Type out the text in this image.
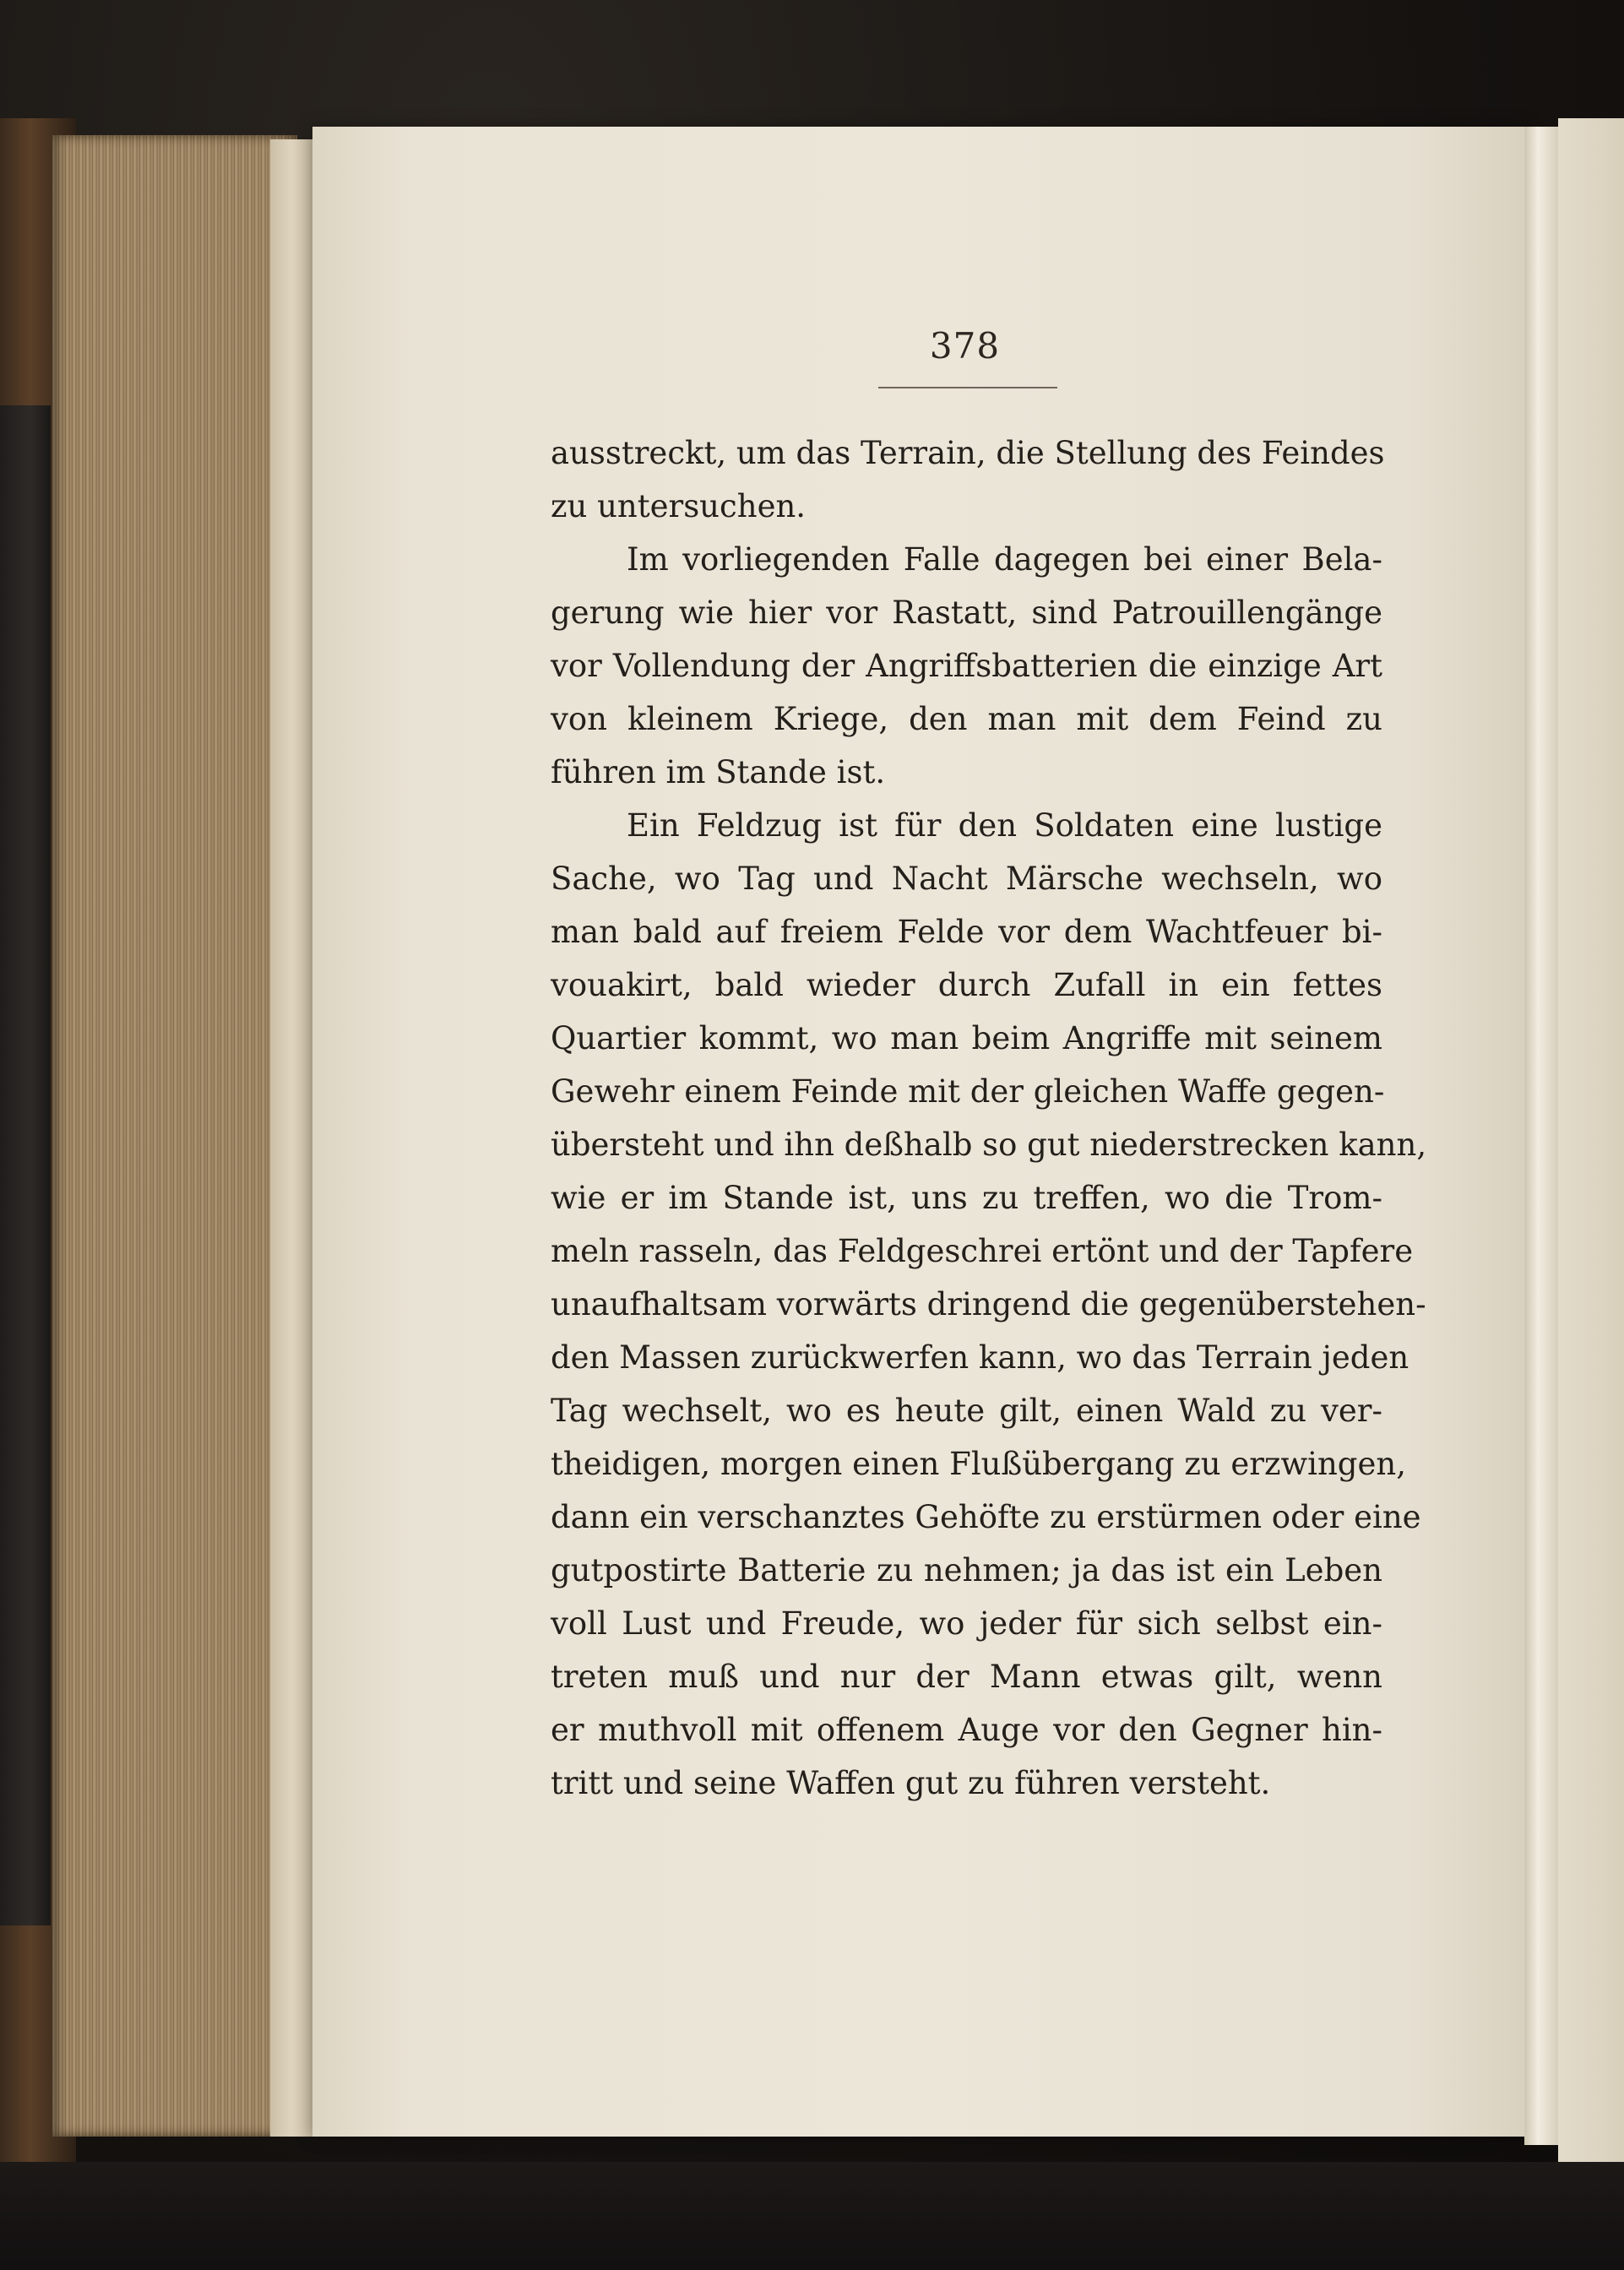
378
ausstreckt, um das Terrain, die Stellung des Feindes
zu untersuchen.
Im vorliegenden Falle dagegen bei einer Bela-
gerung wie hier vor Rastatt, sind Patrouillengänge
vor Vollendung der Angriffsbatterien die einzige Art
von kleinem Kriege, den man mit dem Feind zu
führen im Stande ist.
Ein Feldzug ist für den Soldaten eine lustige
Sache, wo Tag und Nacht Märsche wechseln, wo
man bald auf freiem Felde vor dem Wachtfeuer bi-
vouakirt, bald wieder durch Zufall in ein fettes
Quartier kommt, wo man beim Angriffe mit seinem
Gewehr einem Feinde mit der gleichen Waffe gegen-
übersteht und ihn deßhalb so gut niederstrecken kann,
wie er im Stande ist, uns zu treffen, wo die Trom-
meln rasseln, das Feldgeschrei ertönt und der Tapfere
unaufhaltsam vorwärts dringend die gegenüberstehen-
den Massen zurückwerfen kann, wo das Terrain jeden
Tag wechselt, wo es heute gilt, einen Wald zu ver-
theidigen, morgen einen Flußübergang zu erzwingen,
dann ein verschanztes Gehöfte zu erstürmen oder eine
gutpostirte Batterie zu nehmen; ja das ist ein Leben
voll Lust und Freude, wo jeder für sich selbst ein-
treten muß und nur der Mann etwas gilt, wenn
er muthvoll mit offenem Auge vor den Gegner hin-
tritt und seine Waffen gut zu führen versteht.
